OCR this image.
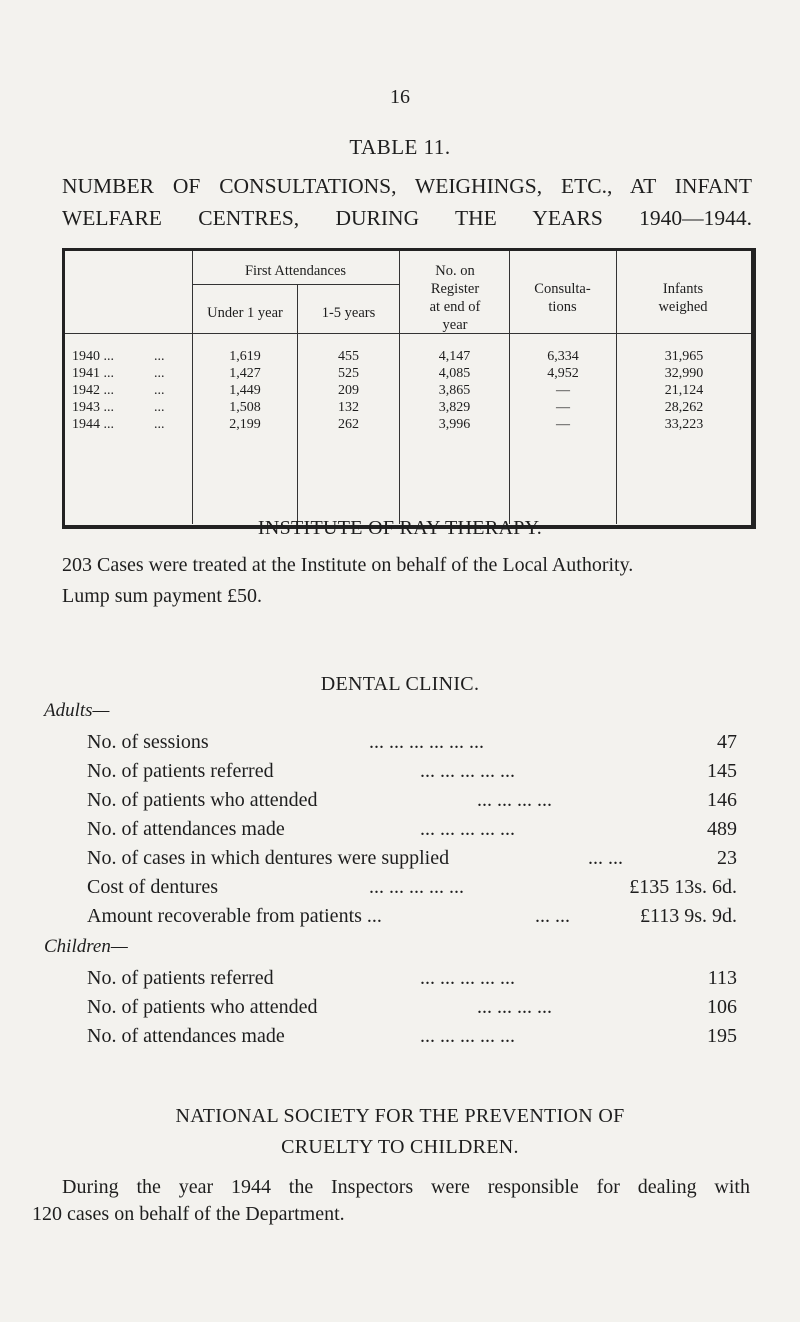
16
TABLE 11.
NUMBER OF CONSULTATIONS, WEIGHINGS, ETC., AT INFANT WELFARE CENTRES, DURING THE YEARS 1940—1944.
First Attendances
Under 1 year	1-5 years
No. on Register at end of year
Consulta- tions
Infants weighed
1940 ...	...	1,619	455	4,147	6,334	31,965
1941 ...	...	1,427	525	4,085	4,952	32,990
1942 ...	...	1,449	209	3,865	—	21,124
1943 ...	...	1,508	132	3,829	—	28,262
1944 ...	...	2,199	262	3,996	—	33,223
INSTITUTE OF RAY THERAPY.
203 Cases were treated at the Institute on behalf of the Local Authority.
Lump sum payment £50.
DENTAL CLINIC.
Adults—
No. of sessions	... ... ... ... ... ...	47
No. of patients referred	... ... ... ... ...	145
No. of patients who attended	... ... ... ...	146
No. of attendances made	... ... ... ... ...	489
No. of cases in which dentures were supplied	... ...	23
Cost of dentures	... ... ... ... ...	£135 13s. 6d.
Amount recoverable from patients ...	... ...	£113 9s. 9d.
Children—
No. of patients referred	... ... ... ... ...	113
No. of patients who attended	... ... ... ...	106
No. of attendances made	... ... ... ... ...	195
NATIONAL SOCIETY FOR THE PREVENTION OF
CRUELTY TO CHILDREN.
During the year 1944 the Inspectors were responsible for dealing with
120 cases on behalf of the Department.
